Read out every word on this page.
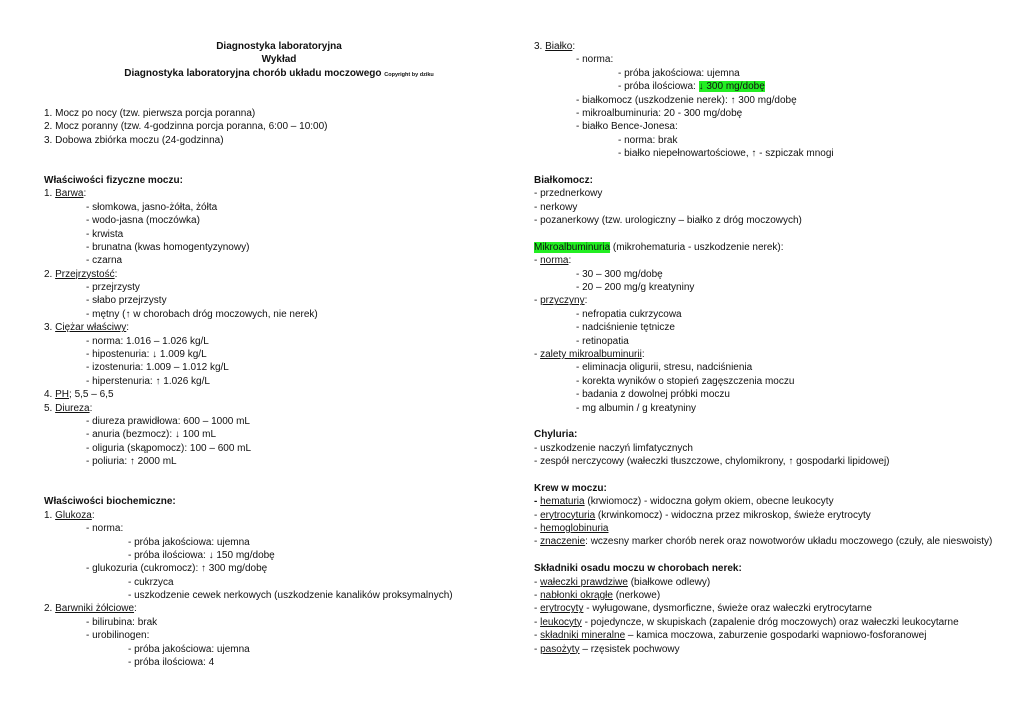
Diagnostyka laboratoryjna
Wykład
Diagnostyka laboratoryjna chorób układu moczowego Copyright by dziku
1. Mocz po nocy (tzw. pierwsza porcja poranna)
2. Mocz poranny (tzw. 4-godzinna porcja poranna, 6:00 – 10:00)
3. Dobowa zbiórka moczu (24-godzinna)
Właściwości fizyczne moczu:
1. Barwa:
- słomkowa, jasno-żółta, żółta
- wodo-jasna (moczówka)
- krwista
- brunatna (kwas homogentyzynowy)
- czarna
2. Przejrzystość:
- przejrzysty
- słabo przejrzysty
- mętny (↑ w chorobach dróg moczowych, nie nerek)
3. Ciężar właściwy:
- norma: 1.016 – 1.026 kg/L
- hipostenuria: ↓ 1.009 kg/L
- izostenuria: 1.009 – 1.012 kg/L
- hiperstenuria: ↑ 1.026 kg/L
4. PH; 5,5 – 6,5
5. Diureza:
- diureza prawidłowa: 600 – 1000 mL
- anuria (bezmocz): ↓ 100 mL
- oliguria (skąpomocz): 100 – 600 mL
- poliuria: ↑ 2000 mL
Właściwości biochemiczne:
1. Glukoza:
- norma:
- próba jakościowa: ujemna
- próba ilościowa: ↓ 150 mg/dobę
- glukozuria (cukromocz): ↑ 300 mg/dobę
- cukrzyca
- uszkodzenie cewek nerkowych (uszkodzenie kanalików proksymalnych)
2. Barwniki żółciowe:
- bilirubina: brak
- urobilinogen:
- próba jakościowa: ujemna
- próba ilościowa: 4
3. Białko:
- norma:
- próba jakościowa: ujemna
- próba ilościowa: ↓ 300 mg/dobę
- białkomocz (uszkodzenie nerek): ↑ 300 mg/dobę
- mikroalbuminuria: 20 - 300 mg/dobę
- białko Bence-Jonesa:
- norma: brak
- białko niepełnowartościowe, ↑ - szpiczak mnogi
Białkomocz:
- przednerkowy
- nerkowy
- pozanerkowy (tzw. urologiczny – białko z dróg moczowych)
Mikroalbuminuria (mikrohematuria - uszkodzenie nerek):
- norma:
- 30 – 300 mg/dobę
- 20 – 200 mg/g kreatyniny
- przyczyny:
- nefropatia cukrzycowa
- nadciśnienie tętnicze
- retinopatia
- zalety mikroalbuminurii:
- eliminacja oligurii, stresu, nadciśnienia
- korekta wyników o stopień zagęszczenia moczu
- badania z dowolnej próbki moczu
- mg albumin / g kreatyniny
Chyluria:
- uszkodzenie naczyń limfatycznych
- zespół nerczycowy (wałeczki tłuszczowe, chylomikrony, ↑ gospodarki lipidowej)
Krew w moczu:
- hematuria (krwiomocz) - widoczna gołym okiem, obecne leukocyty
- erytrocyturia (krwinkomocz) - widoczna przez mikroskop, świeże erytrocyty
- hemoglobinuria
- znaczenie: wczesny marker chorób nerek oraz nowotworów układu moczowego (czuły, ale nieswoisty)
Składniki osadu moczu w chorobach nerek:
- wałeczki prawdziwe (białkowe odlewy)
- nabłonki okrągłe (nerkowe)
- erytrocyty - wyługowane, dysmorficzne, świeże oraz wałeczki erytrocytarne
- leukocyty - pojedyncze, w skupiskach (zapalenie dróg moczowych) oraz wałeczki leukocytarne
- składniki mineralne – kamica moczowa, zaburzenie gospodarki wapniowo-fosforanowej
- pasożyty – rzęsistek pochwowy
